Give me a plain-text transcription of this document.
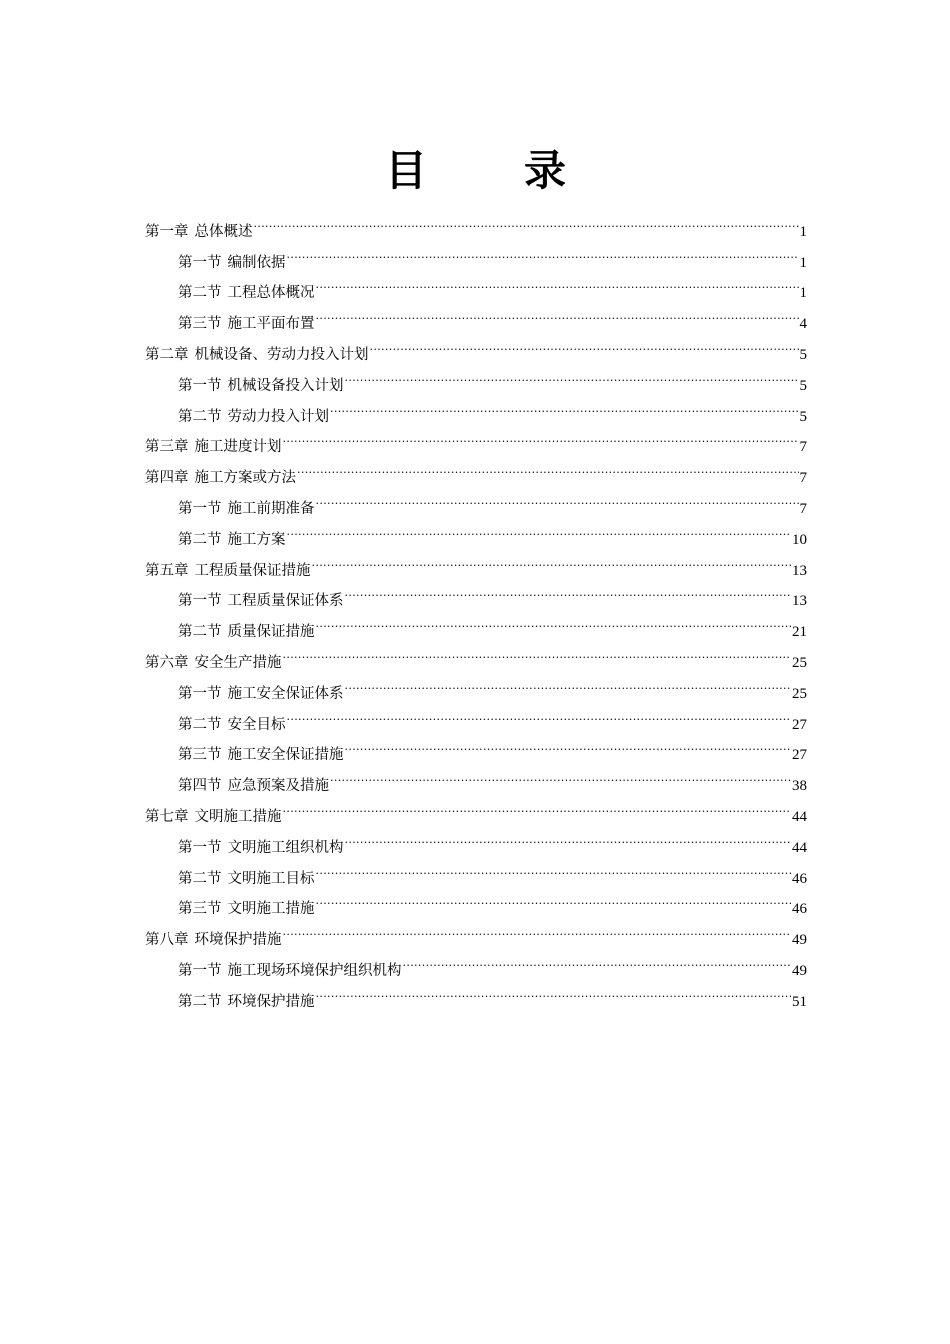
目 录
第一章 总体概述 .....	1
第一节 编制依据 .....	1
第二节 工程总体概况 .....	1
第三节 施工平面布置 .....	4
第二章 机械设备、劳动力投入计划 .....	5
第一节 机械设备投入计划 .....	5
第二节 劳动力投入计划 .....	5
第三章 施工进度计划 .....	7
第四章 施工方案或方法 .....	7
第一节 施工前期准备 .....	7
第二节 施工方案 .....	10
第五章 工程质量保证措施 .....	13
第一节 工程质量保证体系 .....	13
第二节 质量保证措施 .....	21
第六章 安全生产措施 .....	25
第一节 施工安全保证体系 .....	25
第二节 安全目标 .....	27
第三节 施工安全保证措施 .....	27
第四节 应急预案及措施 .....	38
第七章 文明施工措施 .....	44
第一节 文明施工组织机构 .....	44
第二节 文明施工目标 .....	46
第三节 文明施工措施 .....	46
第八章 环境保护措施 .....	49
第一节 施工现场环境保护组织机构 .....	49
第二节 环境保护措施 .....	51
